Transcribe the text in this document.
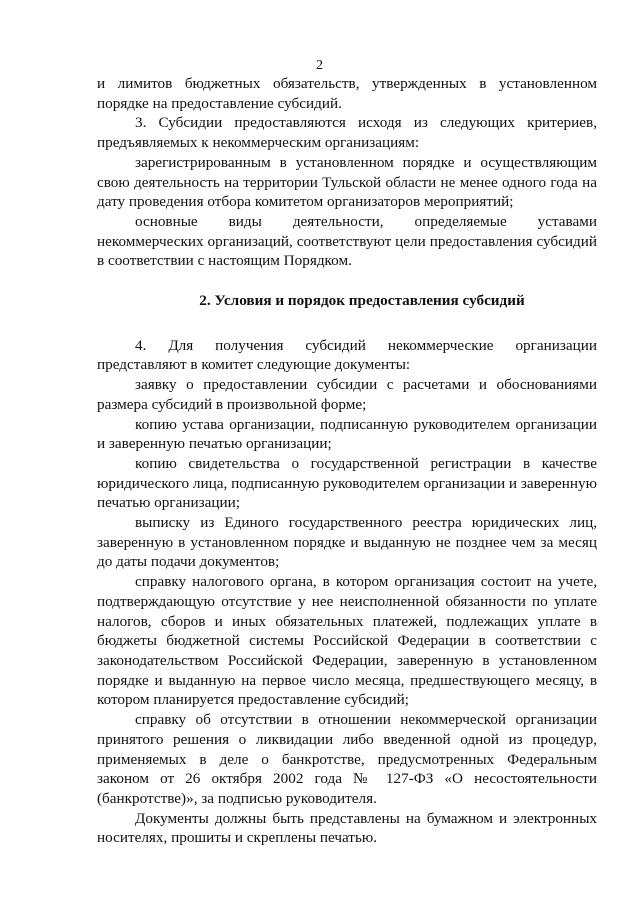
2

и лимитов бюджетных обязательств, утвержденных в установленном порядке на предоставление субсидий.

3. Субсидии предоставляются исходя из следующих критериев, предъявляемых к некоммерческим организациям:

зарегистрированным в установленном порядке и осуществляющим свою деятельность на территории Тульской области не менее одного года на дату проведения отбора комитетом организаторов мероприятий;

основные виды деятельности, определяемые уставами некоммерческих организаций, соответствуют цели предоставления субсидий в соответствии с настоящим Порядком.

2. Условия и порядок предоставления субсидий

4. Для получения субсидий некоммерческие организации представляют в комитет следующие документы:

заявку о предоставлении субсидии с расчетами и обоснованиями размера субсидий в произвольной форме;

копию устава организации, подписанную руководителем организации и заверенную печатью организации;

копию свидетельства о государственной регистрации в качестве юридического лица, подписанную руководителем организации и заверенную печатью организации;

выписку из Единого государственного реестра юридических лиц, заверенную в установленном порядке и выданную не позднее чем за месяц до даты подачи документов;

справку налогового органа, в котором организация состоит на учете, подтверждающую отсутствие у нее неисполненной обязанности по уплате налогов, сборов и иных обязательных платежей, подлежащих уплате в бюджеты бюджетной системы Российской Федерации в соответствии с законодательством Российской Федерации, заверенную в установленном порядке и выданную на первое число месяца, предшествующего месяцу, в котором планируется предоставление субсидий;

справку об отсутствии в отношении некоммерческой организации принятого решения о ликвидации либо введенной одной из процедур, применяемых в деле о банкротстве, предусмотренных Федеральным законом от 26 октября 2002 года № 127-ФЗ «О несостоятельности (банкротстве)», за подписью руководителя.

Документы должны быть представлены на бумажном и электронных носителях, прошиты и скреплены печатью.
